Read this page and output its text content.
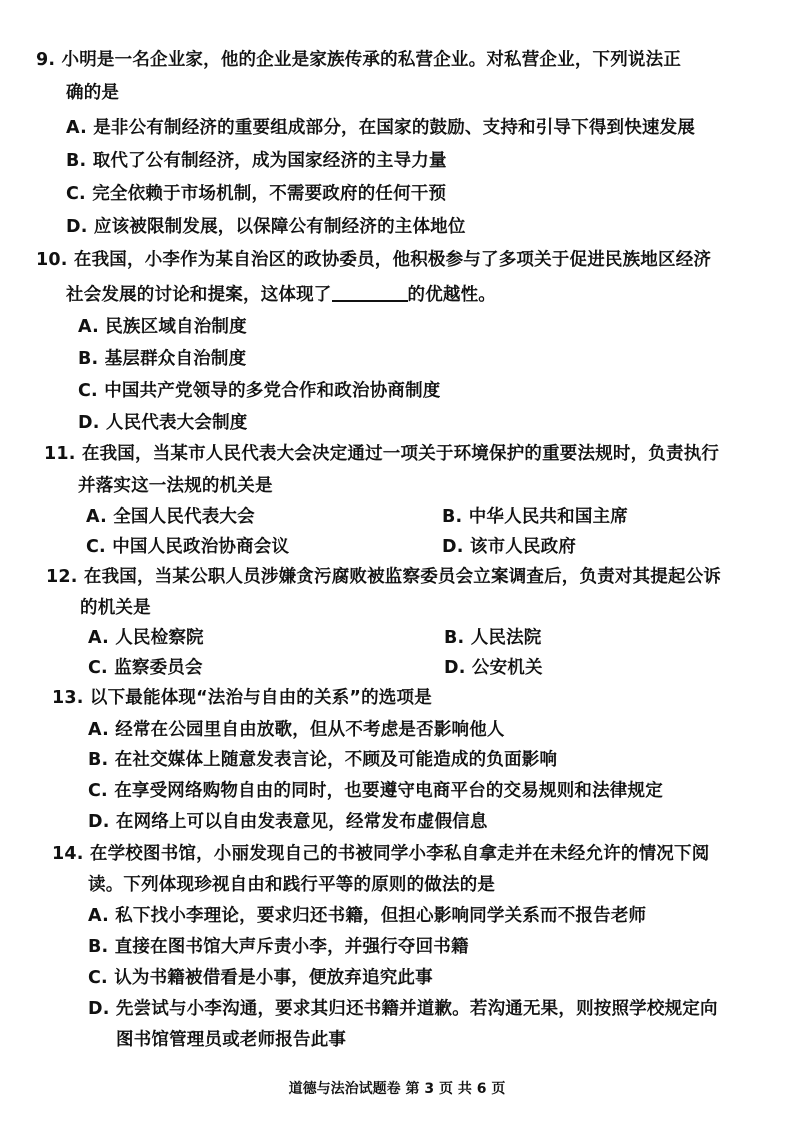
9. 小明是一名企业家，他的企业是家族传承的私营企业。对私营企业，下列说法正
确的是
A. 是非公有制经济的重要组成部分，在国家的鼓励、支持和引导下得到快速发展
B. 取代了公有制经济，成为国家经济的主导力量
C. 完全依赖于市场机制，不需要政府的任何干预
D. 应该被限制发展，以保障公有制经济的主体地位
10. 在我国，小李作为某自治区的政协委员，他积极参与了多项关于促进民族地区经济
社会发展的讨论和提案，这体现了	的优越性。
A. 民族区域自治制度
B. 基层群众自治制度
C. 中国共产党领导的多党合作和政治协商制度
D. 人民代表大会制度
11. 在我国，当某市人民代表大会决定通过一项关于环境保护的重要法规时，负责执行
并落实这一法规的机关是
A. 全国人民代表大会	B. 中华人民共和国主席
C. 中国人民政治协商会议	D. 该市人民政府
12. 在我国，当某公职人员涉嫌贪污腐败被监察委员会立案调查后，负责对其提起公诉
的机关是
A. 人民检察院	B. 人民法院
C. 监察委员会	D. 公安机关
13. 以下最能体现“法治与自由的关系”的选项是
A. 经常在公园里自由放歌，但从不考虑是否影响他人
B. 在社交媒体上随意发表言论，不顾及可能造成的负面影响
C. 在享受网络购物自由的同时，也要遵守电商平台的交易规则和法律规定
D. 在网络上可以自由发表意见，经常发布虚假信息
14. 在学校图书馆，小丽发现自己的书被同学小李私自拿走并在未经允许的情况下阅
读。下列体现珍视自由和践行平等的原则的做法的是
A. 私下找小李理论，要求归还书籍，但担心影响同学关系而不报告老师
B. 直接在图书馆大声斥责小李，并强行夺回书籍
C. 认为书籍被借看是小事，便放弃追究此事
D. 先尝试与小李沟通，要求其归还书籍并道歉。若沟通无果，则按照学校规定向
图书馆管理员或老师报告此事
道德与法治试题卷 第 3 页 共 6 页
